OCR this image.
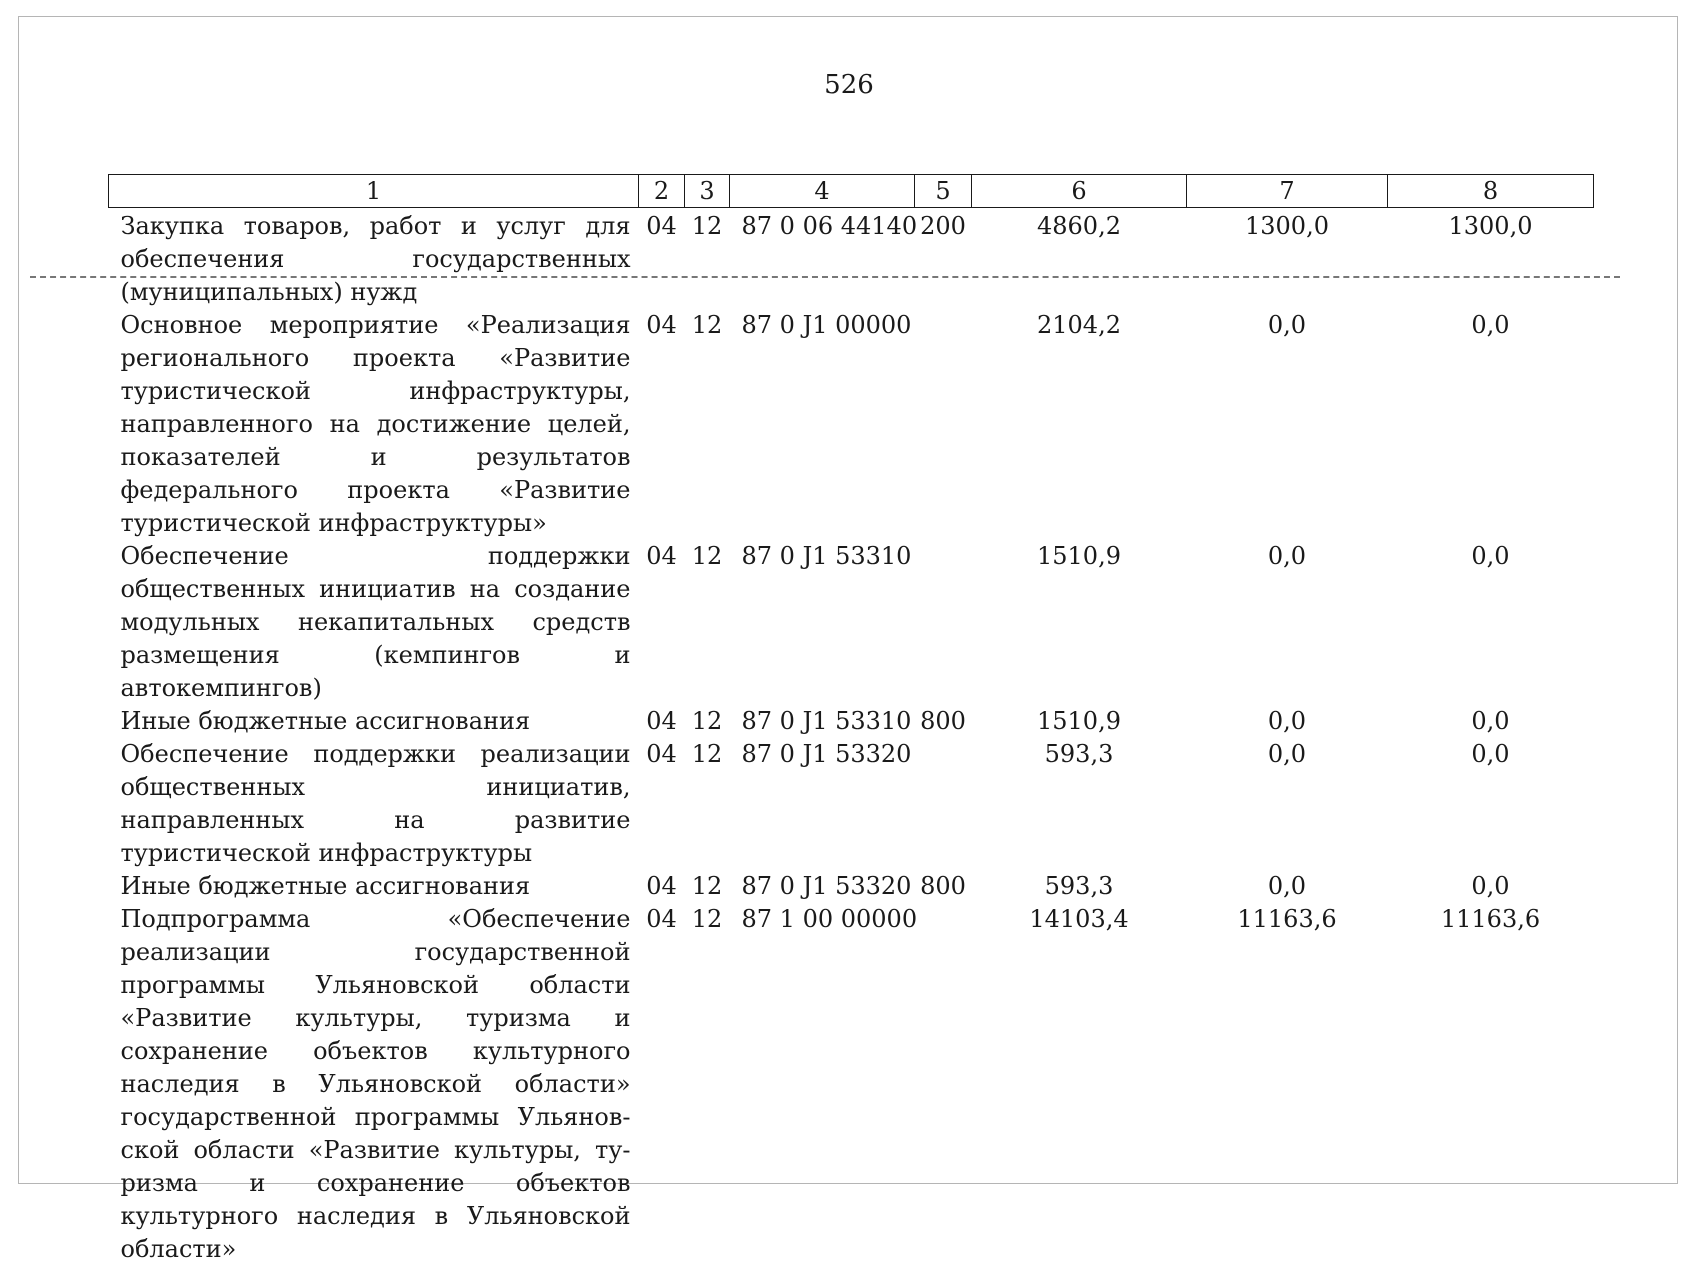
526
1	2	3	4	5	6	7	8
Закупка товаров, работ и услуг для обеспечения государственных (муниципальных) нужд	04	12	87 0 06 44140	200	4860,2	1300,0	1300,0
Основное мероприятие «Реализация регионального проекта «Развитие туристической инфраструктуры, направленного на достижение целей, показателей и результатов федерального проекта «Развитие туристической инфраструктуры»	04	12	87 0 J1 00000		2104,2	0,0	0,0
Обеспечение поддержки общественных инициатив на создание модульных некапитальных средств размещения (кемпингов и автокемпингов)	04	12	87 0 J1 53310		1510,9	0,0	0,0
Иные бюджетные ассигнования	04	12	87 0 J1 53310	800	1510,9	0,0	0,0
Обеспечение поддержки реализации общественных инициатив, направленных на развитие туристической инфраструктуры	04	12	87 0 J1 53320		593,3	0,0	0,0
Иные бюджетные ассигнования	04	12	87 0 J1 53320	800	593,3	0,0	0,0
Подпрограмма «Обеспечение реализации государственной программы Ульяновской области «Развитие культуры, туризма и сохранение объектов культурного наследия в Ульяновской области» государственной программы Ульяновской области «Развитие культуры, туризма и сохранение объектов культурного наследия в Ульяновской области»	04	12	87 1 00 00000		14103,4	11163,6	11163,6
